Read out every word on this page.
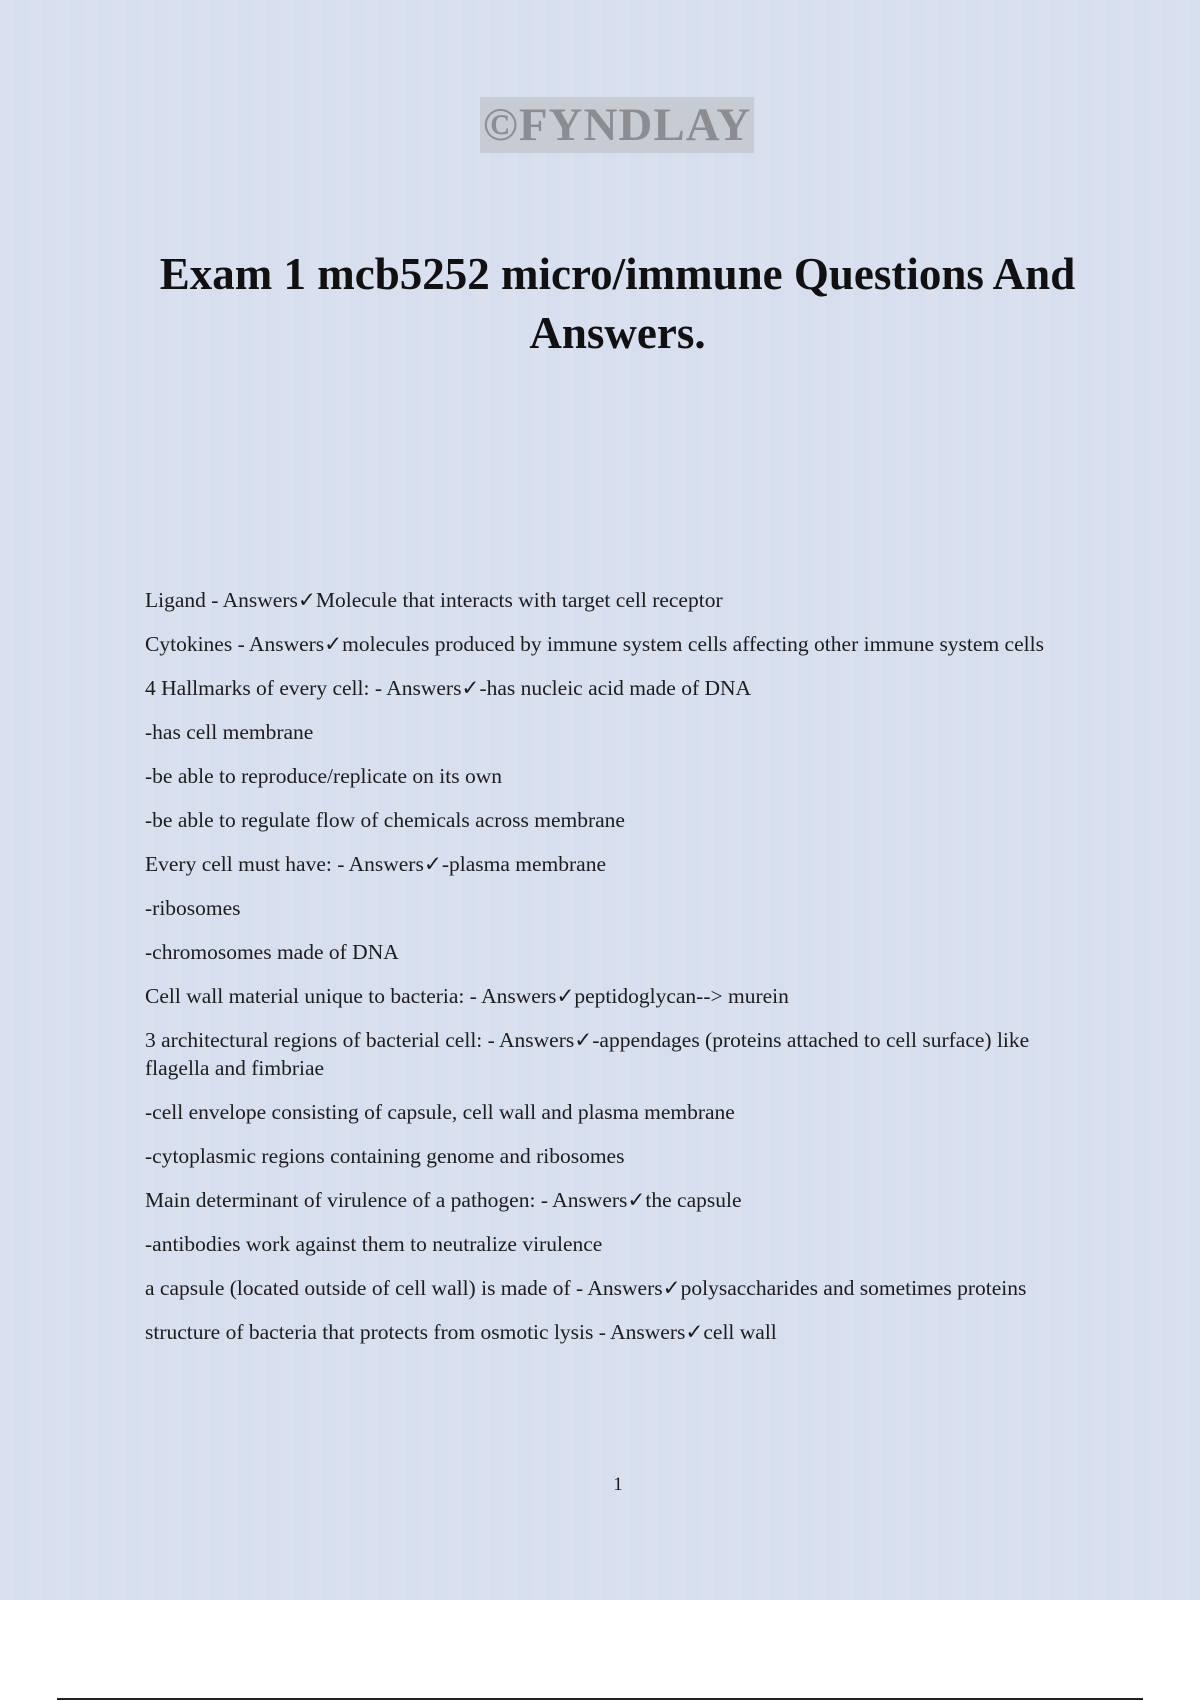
©FYNDLAY
Exam 1 mcb5252 micro/immune Questions And Answers.

Ligand - Answers✓Molecule that interacts with target cell receptor

Cytokines - Answers✓molecules produced by immune system cells affecting other immune system cells

4 Hallmarks of every cell: - Answers✓-has nucleic acid made of DNA

-has cell membrane

-be able to reproduce/replicate on its own

-be able to regulate flow of chemicals across membrane

Every cell must have: - Answers✓-plasma membrane

-ribosomes

-chromosomes made of DNA

Cell wall material unique to bacteria: - Answers✓peptidoglycan--> murein

3 architectural regions of bacterial cell: - Answers✓-appendages (proteins attached to cell surface) like flagella and fimbriae

-cell envelope consisting of capsule, cell wall and plasma membrane

-cytoplasmic regions containing genome and ribosomes

Main determinant of virulence of a pathogen: - Answers✓the capsule

-antibodies work against them to neutralize virulence

a capsule (located outside of cell wall) is made of - Answers✓polysaccharides and sometimes proteins

structure of bacteria that protects from osmotic lysis - Answers✓cell wall

1
